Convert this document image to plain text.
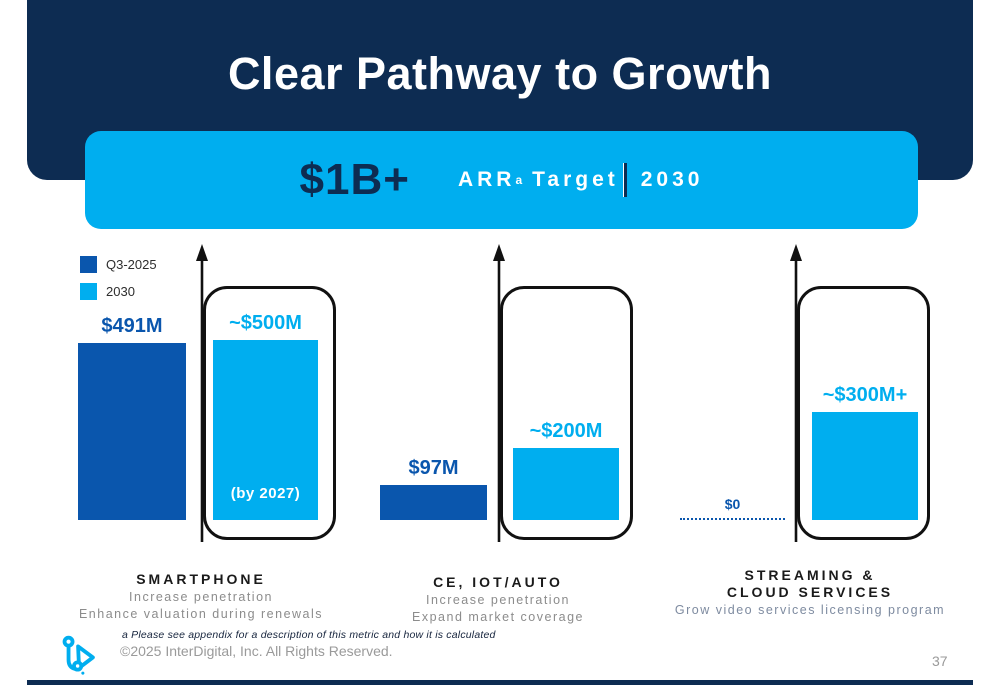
Clear Pathway to Growth
$1B+ ARR a Target 2030
Q3-2025
2030
$491M	~$500M
(by 2027)
$97M
~$200M
$0
~$300M+
SMARTPHONE
Increase penetration
Enhance valuation during renewals
CE, IOT/AUTO
Increase penetration
Expand market coverage
STREAMING &
CLOUD SERVICES
Grow video services licensing program
a Please see appendix for a description of this metric and how it is calculated
©2025 InterDigital, Inc. All Rights Reserved.
37
